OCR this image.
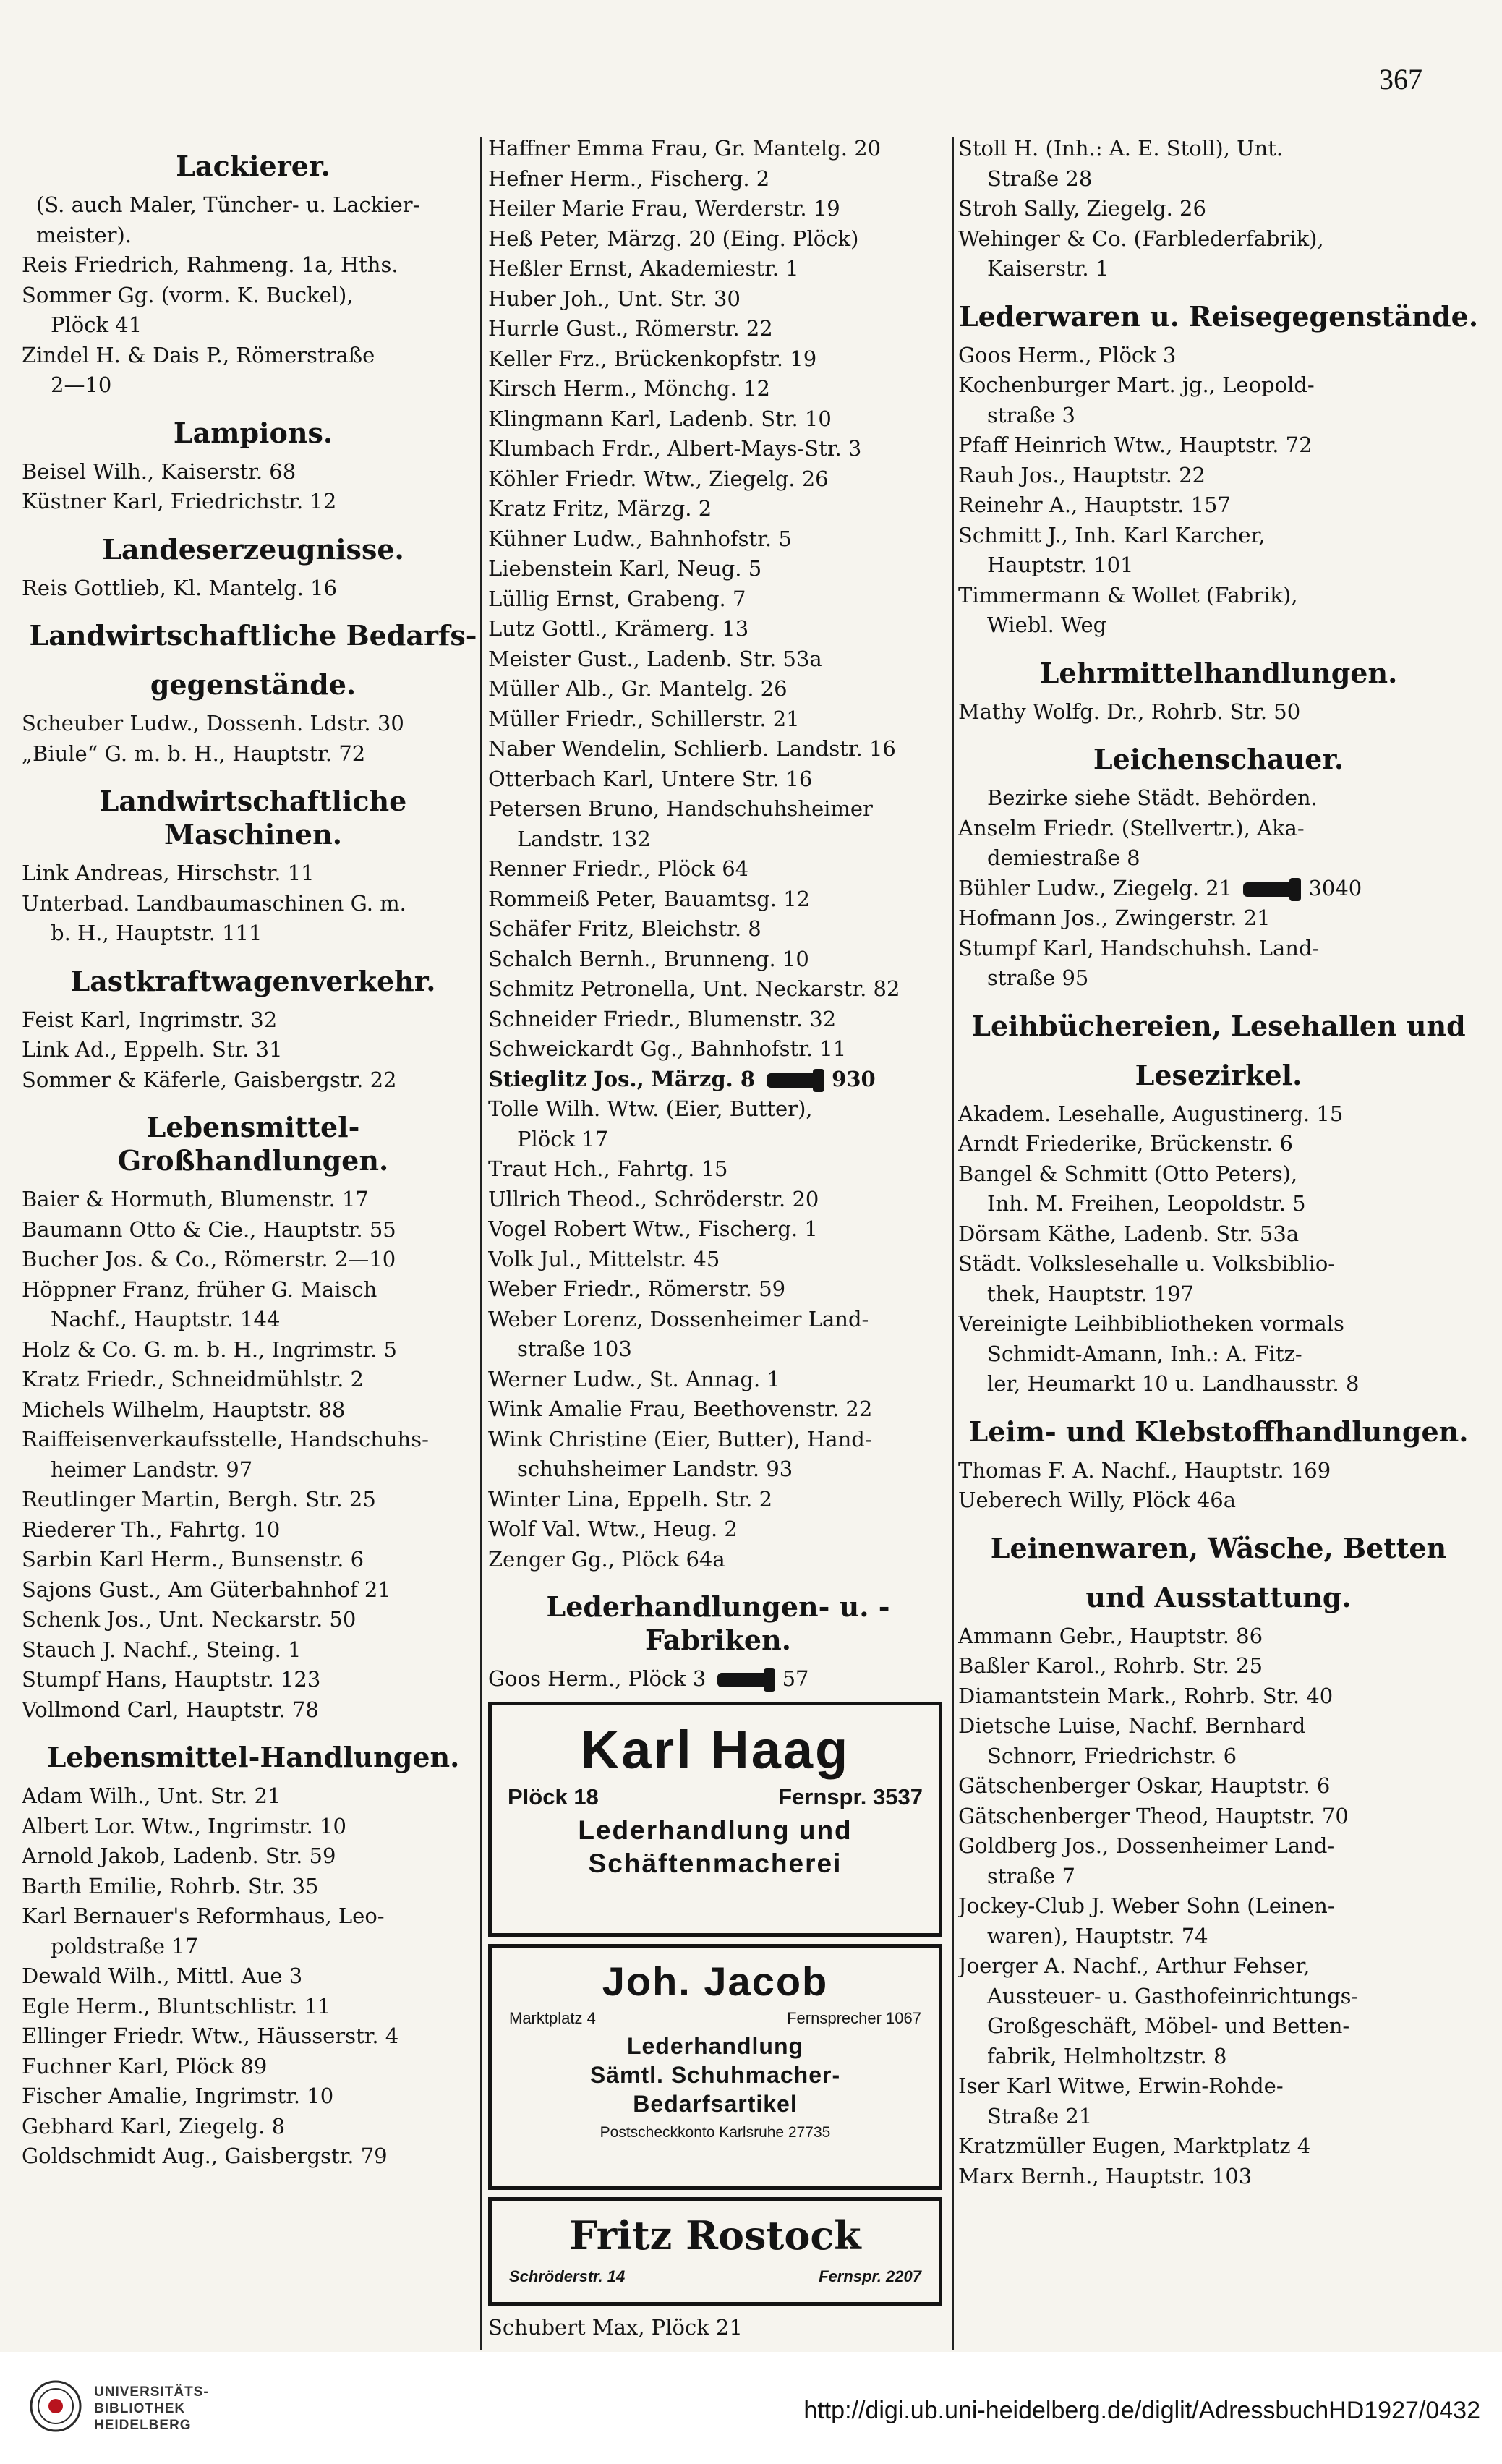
367
Lackierer.
(S. auch Maler, Tüncher- u. Lackier-
meister).
Reis Friedrich, Rahmeng. 1a, Hths.
Sommer Gg. (vorm. K. Buckel),
Plöck 41
Zindel H. & Dais P., Römerstraße
2—10
Lampions.
Beisel Wilh., Kaiserstr. 68
Küstner Karl, Friedrichstr. 12
Landeserzeugnisse.
Reis Gottlieb, Kl. Mantelg. 16
Landwirtschaftliche Bedarfs-
gegenstände.
Scheuber Ludw., Dossenh. Ldstr. 30
„Biule“ G. m. b. H., Hauptstr. 72
Landwirtschaftliche Maschinen.
Link Andreas, Hirschstr. 11
Unterbad. Landbaumaschinen G. m.
b. H., Hauptstr. 111
Lastkraftwagenverkehr.
Feist Karl, Ingrimstr. 32
Link Ad., Eppelh. Str. 31
Sommer & Käferle, Gaisbergstr. 22
Lebensmittel-Großhandlungen.
Baier & Hormuth, Blumenstr. 17
Baumann Otto & Cie., Hauptstr. 55
Bucher Jos. & Co., Römerstr. 2—10
Höppner Franz, früher G. Maisch
Nachf., Hauptstr. 144
Holz & Co. G. m. b. H., Ingrimstr. 5
Kratz Friedr., Schneidmühlstr. 2
Michels Wilhelm, Hauptstr. 88
Raiffeisenverkaufsstelle, Handschuhs-
heimer Landstr. 97
Reutlinger Martin, Bergh. Str. 25
Riederer Th., Fahrtg. 10
Sarbin Karl Herm., Bunsenstr. 6
Sajons Gust., Am Güterbahnhof 21
Schenk Jos., Unt. Neckarstr. 50
Stauch J. Nachf., Steing. 1
Stumpf Hans, Hauptstr. 123
Vollmond Carl, Hauptstr. 78
Lebensmittel-Handlungen.
Adam Wilh., Unt. Str. 21
Albert Lor. Wtw., Ingrimstr. 10
Arnold Jakob, Ladenb. Str. 59
Barth Emilie, Rohrb. Str. 35
Karl Bernauer's Reformhaus, Leo-
poldstraße 17
Dewald Wilh., Mittl. Aue 3
Egle Herm., Bluntschlistr. 11
Ellinger Friedr. Wtw., Häusserstr. 4
Fuchner Karl, Plöck 89
Fischer Amalie, Ingrimstr. 10
Gebhard Karl, Ziegelg. 8
Goldschmidt Aug., Gaisbergstr. 79
Haffner Emma Frau, Gr. Mantelg. 20
Hefner Herm., Fischerg. 2
Heiler Marie Frau, Werderstr. 19
Heß Peter, Märzg. 20 (Eing. Plöck)
Heßler Ernst, Akademiestr. 1
Huber Joh., Unt. Str. 30
Hurrle Gust., Römerstr. 22
Keller Frz., Brückenkopfstr. 19
Kirsch Herm., Mönchg. 12
Klingmann Karl, Ladenb. Str. 10
Klumbach Frdr., Albert-Mays-Str. 3
Köhler Friedr. Wtw., Ziegelg. 26
Kratz Fritz, Märzg. 2
Kühner Ludw., Bahnhofstr. 5
Liebenstein Karl, Neug. 5
Lüllig Ernst, Grabeng. 7
Lutz Gottl., Krämerg. 13
Meister Gust., Ladenb. Str. 53a
Müller Alb., Gr. Mantelg. 26
Müller Friedr., Schillerstr. 21
Naber Wendelin, Schlierb. Landstr. 16
Otterbach Karl, Untere Str. 16
Petersen Bruno, Handschuhsheimer
Landstr. 132
Renner Friedr., Plöck 64
Rommeiß Peter, Bauamtsg. 12
Schäfer Fritz, Bleichstr. 8
Schalch Bernh., Brunneng. 10
Schmitz Petronella, Unt. Neckarstr. 82
Schneider Friedr., Blumenstr. 32
Schweickardt Gg., Bahnhofstr. 11
Stieglitz Jos., Märzg. 8	930
Tolle Wilh. Wtw. (Eier, Butter),
Plöck 17
Traut Hch., Fahrtg. 15
Ullrich Theod., Schröderstr. 20
Vogel Robert Wtw., Fischerg. 1
Volk Jul., Mittelstr. 45
Weber Friedr., Römerstr. 59
Weber Lorenz, Dossenheimer Land-
straße 103
Werner Ludw., St. Annag. 1
Wink Amalie Frau, Beethovenstr. 22
Wink Christine (Eier, Butter), Hand-
schuhsheimer Landstr. 93
Winter Lina, Eppelh. Str. 2
Wolf Val. Wtw., Heug. 2
Zenger Gg., Plöck 64a
Lederhandlungen- u. -Fabriken.
Goos Herm., Plöck 3	57
Karl Haag
Plöck 18	Fernspr. 3537
Lederhandlung und
Schäftenmacherei
Joh. Jacob
Marktplatz 4	Fernsprecher 1067
Lederhandlung
Sämtl. Schuhmacher-
Bedarfsartikel
Postscheckkonto Karlsruhe 27735
Fritz Rostock
Schröderstr. 14	Fernspr. 2207
Schubert Max, Plöck 21
Stoll H. (Inh.: A. E. Stoll), Unt.
Straße 28
Stroh Sally, Ziegelg. 26
Wehinger & Co. (Farblederfabrik),
Kaiserstr. 1
Lederwaren u. Reisegegenstände.
Goos Herm., Plöck 3
Kochenburger Mart. jg., Leopold-
straße 3
Pfaff Heinrich Wtw., Hauptstr. 72
Rauh Jos., Hauptstr. 22
Reinehr A., Hauptstr. 157
Schmitt J., Inh. Karl Karcher,
Hauptstr. 101
Timmermann & Wollet (Fabrik),
Wiebl. Weg
Lehrmittelhandlungen.
Mathy Wolfg. Dr., Rohrb. Str. 50
Leichenschauer.
Bezirke siehe Städt. Behörden.
Anselm Friedr. (Stellvertr.), Aka-
demiestraße 8
Bühler Ludw., Ziegelg. 21	3040
Hofmann Jos., Zwingerstr. 21
Stumpf Karl, Handschuhsh. Land-
straße 95
Leihbüchereien, Lesehallen und
Lesezirkel.
Akadem. Lesehalle, Augustinerg. 15
Arndt Friederike, Brückenstr. 6
Bangel & Schmitt (Otto Peters),
Inh. M. Freihen, Leopoldstr. 5
Dörsam Käthe, Ladenb. Str. 53a
Städt. Volkslesehalle u. Volksbiblio-
thek, Hauptstr. 197
Vereinigte Leihbibliotheken vormals
Schmidt-Amann, Inh.: A. Fitz-
ler, Heumarkt 10 u. Landhausstr. 8
Leim- und Klebstoffhandlungen.
Thomas F. A. Nachf., Hauptstr. 169
Ueberech Willy, Plöck 46a
Leinenwaren, Wäsche, Betten
und Ausstattung.
Ammann Gebr., Hauptstr. 86
Baßler Karol., Rohrb. Str. 25
Diamantstein Mark., Rohrb. Str. 40
Dietsche Luise, Nachf. Bernhard
Schnorr, Friedrichstr. 6
Gätschenberger Oskar, Hauptstr. 6
Gätschenberger Theod, Hauptstr. 70
Goldberg Jos., Dossenheimer Land-
straße 7
Jockey-Club J. Weber Sohn (Leinen-
waren), Hauptstr. 74
Joerger A. Nachf., Arthur Fehser,
Aussteuer- u. Gasthofeinrichtungs-
Großgeschäft, Möbel- und Betten-
fabrik, Helmholtzstr. 8
Iser Karl Witwe, Erwin-Rohde-
Straße 21
Kratzmüller Eugen, Marktplatz 4
Marx Bernh., Hauptstr. 103
UNIVERSITÄTS-
BIBLIOTHEK
HEIDELBERG
http://digi.ub.uni-heidelberg.de/diglit/AdressbuchHD1927/0432
